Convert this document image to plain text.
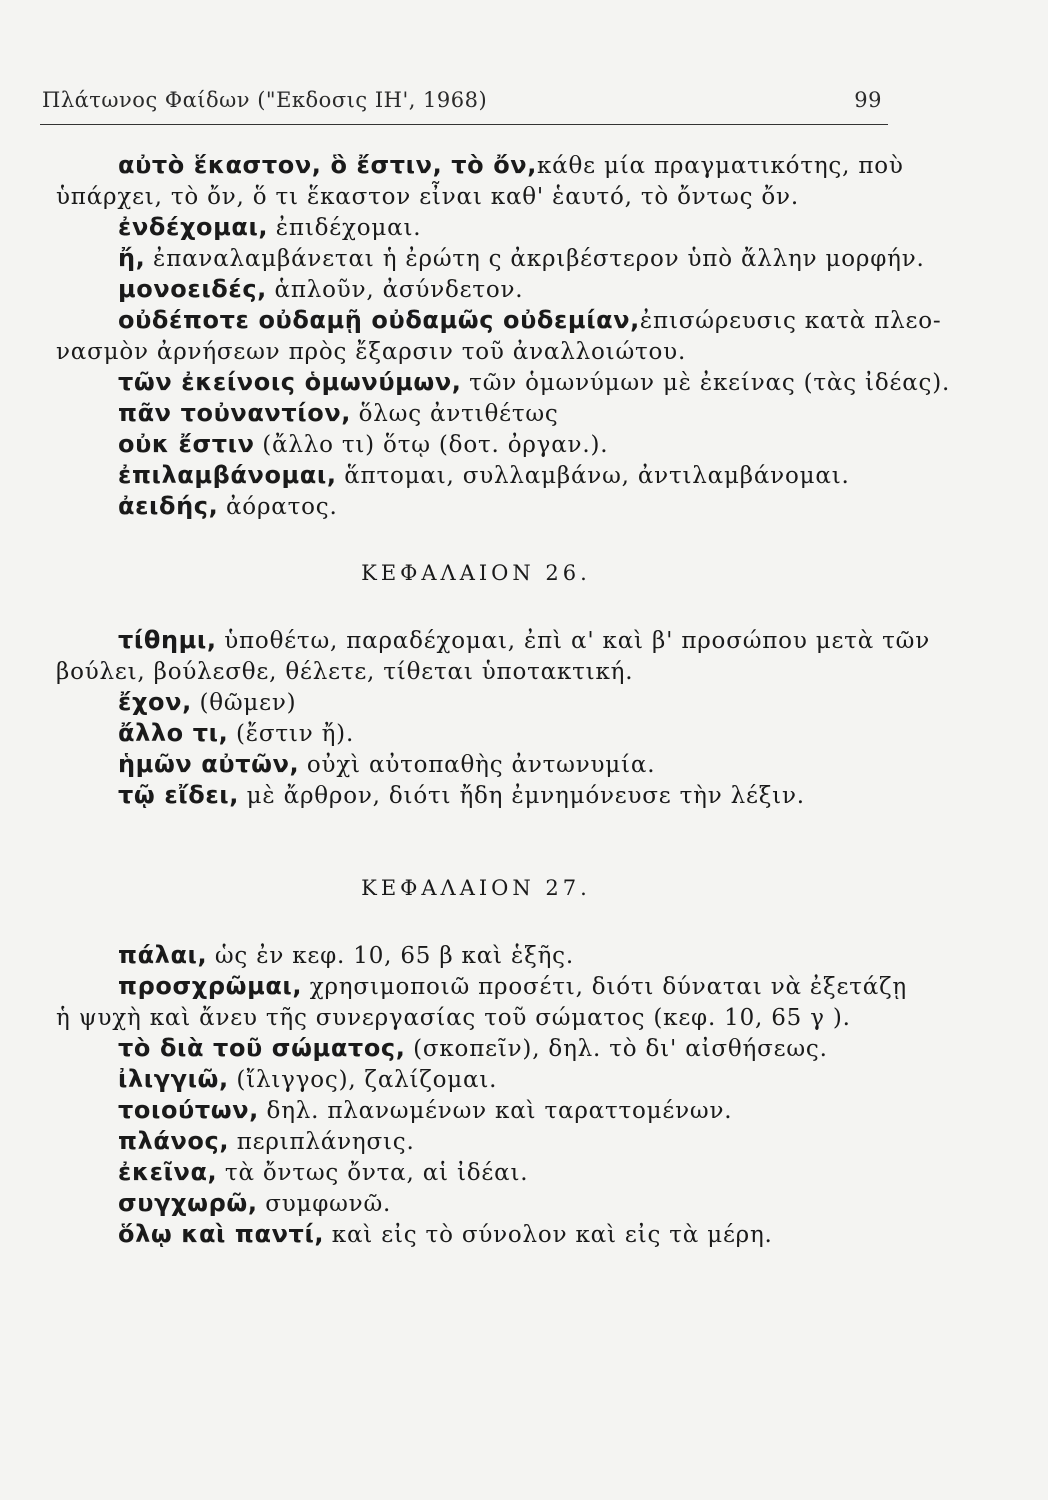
Πλάτωνος Φαίδων ("Εκδοσις ΙΗ', 1968)	99
αὐτὸ ἕκαστον, ὃ ἔστιν, τὸ ὄν,κάθε μία πραγματικότης, ποὺ
ὑπάρχει, τὸ ὄν, ὅ τι ἕκαστον εἶναι καθ' ἑαυτό, τὸ ὄντως ὄν.
ἐνδέχομαι, ἐπιδέχομαι.
ἤ, ἐπαναλαμβάνεται ἡ ἐρώτη ς ἀκριβέστερον ὑπὸ ἄλλην μορφήν.
μονοειδές, ἁπλοῦν, ἀσύνδετον.
οὐδέποτε οὐδαμῇ οὐδαμῶς οὐδεμίαν,ἐπισώρευσις κατὰ πλεο-
νασμὸν ἀρνήσεων πρὸς ἔξαρσιν τοῦ ἀναλλοιώτου.
τῶν ἐκείνοις ὁμωνύμων, τῶν ὁμωνύμων μὲ ἐκείνας (τὰς ἰδέας).
πᾶν τοὐναντίον, ὅλως ἀντιθέτως
οὐκ ἔστιν (ἄλλο τι) ὅτῳ (δοτ. ὀργαν.).
ἐπιλαμβάνομαι, ἅπτομαι, συλλαμβάνω, ἀντιλαμβάνομαι.
ἀειδής, ἀόρατος.
ΚΕΦΑΛΑΙΟΝ 26.
τίθημι, ὑποθέτω, παραδέχομαι, ἐπὶ α' καὶ β' προσώπου μετὰ τῶν
βούλει, βούλεσθε, θέλετε, τίθεται ὑποτακτική.
ἔχον, (θῶμεν)
ἄλλο τι, (ἔστιν ἤ).
ἡμῶν αὐτῶν, οὐχὶ αὐτοπαθὴς ἀντωνυμία.
τῷ εἴδει, μὲ ἄρθρον, διότι ἤδη ἐμνημόνευσε τὴν λέξιν.
ΚΕΦΑΛΑΙΟΝ 27.
πάλαι, ὡς ἐν κεφ. 10, 65 β καὶ ἑξῆς.
προσχρῶμαι, χρησιμοποιῶ προσέτι, διότι δύναται νὰ ἐξετάζῃ
ἡ ψυχὴ καὶ ἄνευ τῆς συνεργασίας τοῦ σώματος (κεφ. 10, 65 γ ).
τὸ διὰ τοῦ σώματος, (σκοπεῖν), δηλ. τὸ δι' αἰσθήσεως.
ἰλιγγιῶ, (ἴλιγγος), ζαλίζομαι.
τοιούτων, δηλ. πλανωμένων καὶ ταραττομένων.
πλάνος, περιπλάνησις.
ἐκεῖνα, τὰ ὄντως ὄντα, αἱ ἰδέαι.
συγχωρῶ, συμφωνῶ.
ὅλῳ καὶ παντί, καὶ εἰς τὸ σύνολον καὶ εἰς τὰ μέρη.
